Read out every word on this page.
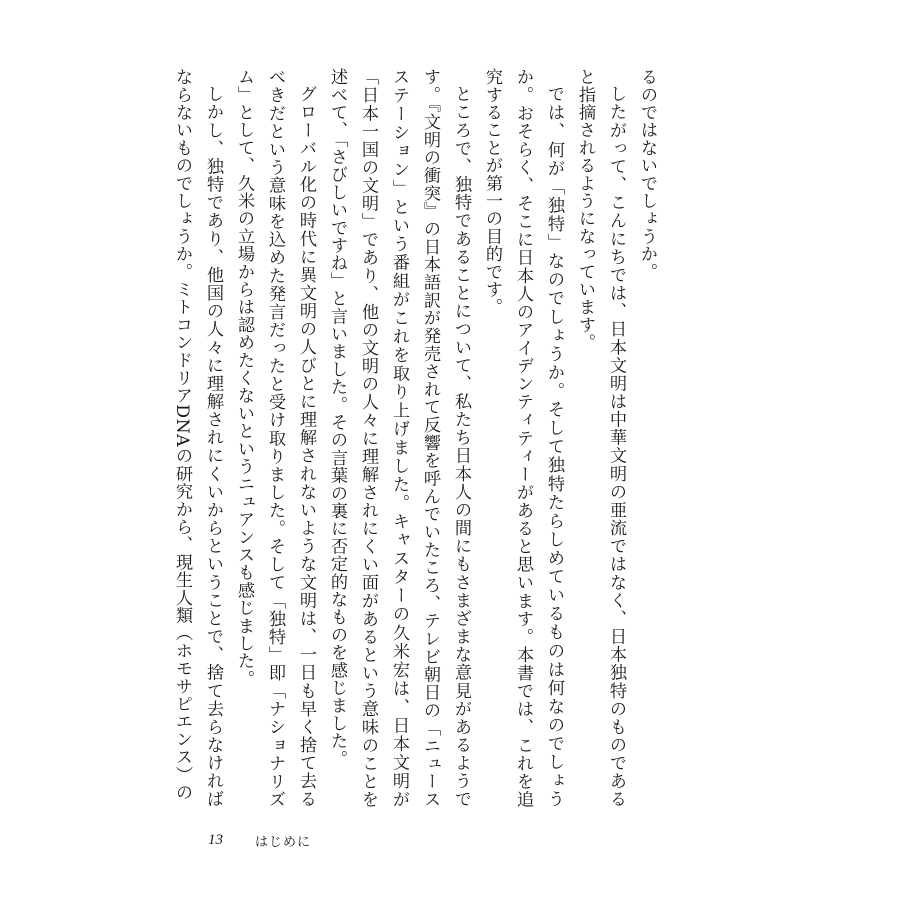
るのではないでしょうか。

したがって、こんにちでは、日本文明は中華文明の亜流ではなく、日本独特のものであると指摘されるようになっています。

では、何が「独特」なのでしょうか。そして独特たらしめているものは何なのでしょうか。おそらく、そこに日本人のアイデンティティーがあると思います。本書では、これを追究することが第一の目的です。

ところで、独特であることについて、私たち日本人の間にもさまざまな意見があるようです。『文明の衝突』の日本語訳が発売されて反響を呼んでいたころ、テレビ朝日の「ニュースステーション」という番組がこれを取り上げました。キャスターの久米宏は、日本文明が「日本一国の文明」であり、他の文明の人々に理解されにくい面があるという意味のことを述べて、「さびしいですね」と言いました。その言葉の裏に否定的なものを感じました。

グローバル化の時代に異文明の人びとに理解されないような文明は、一日も早く捨て去るべきだという意味を込めた発言だったと受け取りました。そして「独特」即「ナショナリズム」として、久米の立場からは認めたくないというニュアンスも感じました。

しかし、独特であり、他国の人々に理解されにくいからということで、捨て去らなければならないものでしょうか。ミトコンドリアDNAの研究から、現生人類（ホモサピエンス）の

13 はじめに
